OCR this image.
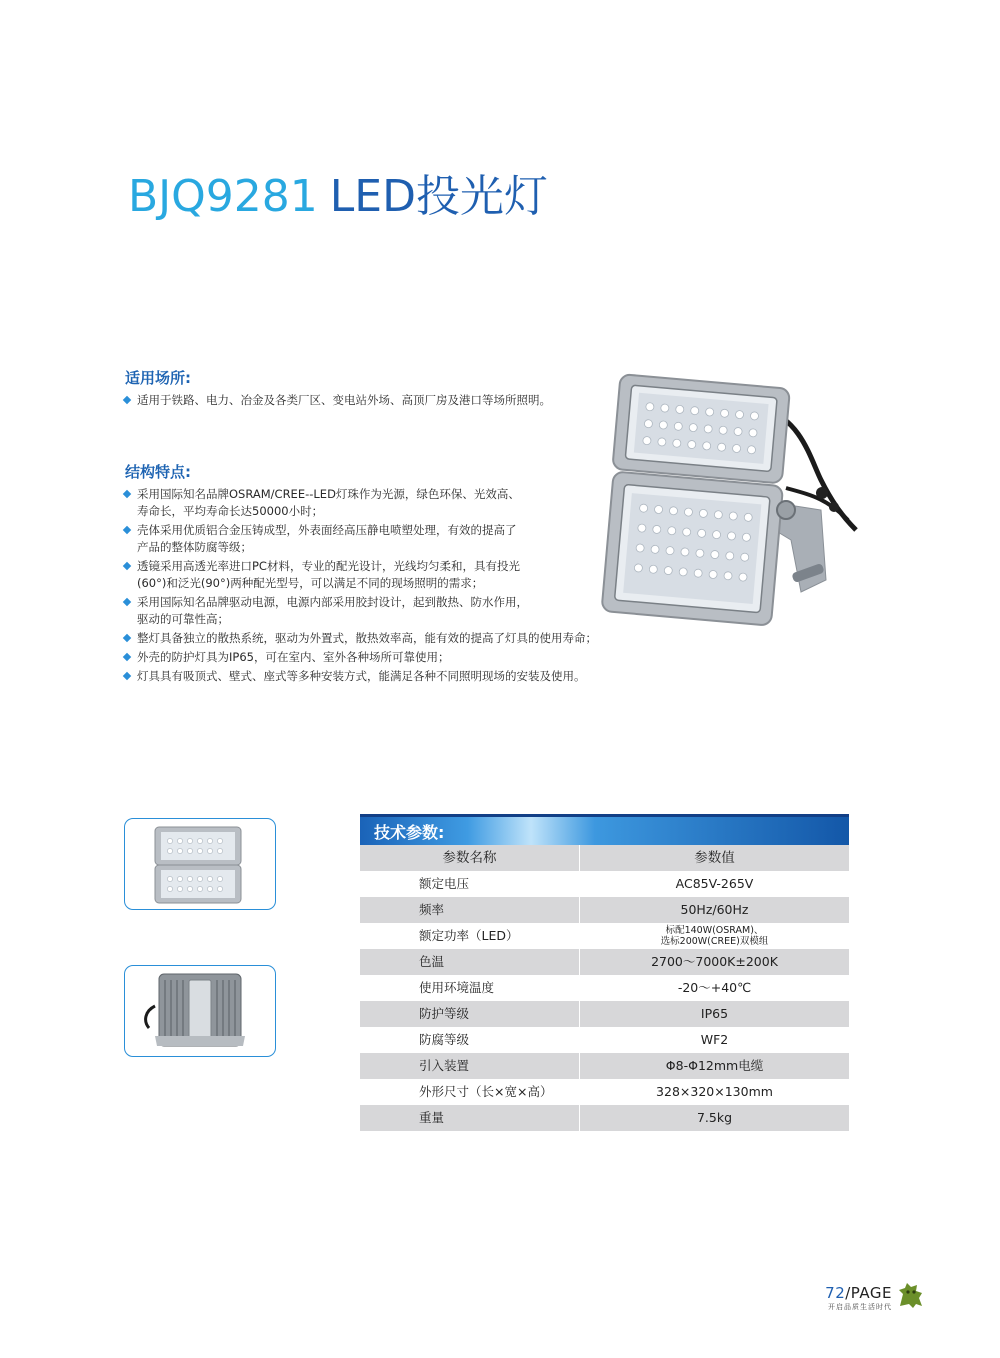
BJQ9281 LED投光灯
适用场所:
适用于铁路、电力、冶金及各类厂区、变电站外场、高顶厂房及港口等场所照明。
结构特点:
采用国际知名品牌OSRAM/CREE--LED灯珠作为光源，绿色环保、光效高、
寿命长，平均寿命长达50000小时；
壳体采用优质铝合金压铸成型，外表面经高压静电喷塑处理，有效的提高了
产品的整体防腐等级；
透镜采用高透光率进口PC材料，专业的配光设计，光线均匀柔和，具有投光
(60°)和泛光(90°)两种配光型号，可以满足不同的现场照明的需求；
采用国际知名品牌驱动电源，电源内部采用胶封设计，起到散热、防水作用，
驱动的可靠性高；
整灯具备独立的散热系统，驱动为外置式，散热效率高，能有效的提高了灯具的使用寿命；
外壳的防护灯具为IP65，可在室内、室外各种场所可靠使用；
灯具具有吸顶式、壁式、座式等多种安装方式，能满足各种不同照明现场的安装及使用。
技术参数:
参数名称	参数值
额定电压	AC85V-265V
频率	50Hz/60Hz
额定功率（LED）	标配140W(OSRAM)、
选标200W(CREE)双模组
色温	2700～7000K±200K
使用环境温度	-20～+40℃
防护等级	IP65
防腐等级	WF2
引入装置	Φ8-Φ12mm电缆
外形尺寸（长×宽×高）	328×320×130mm
重量	7.5kg
72/PAGE
开启品质生活时代
